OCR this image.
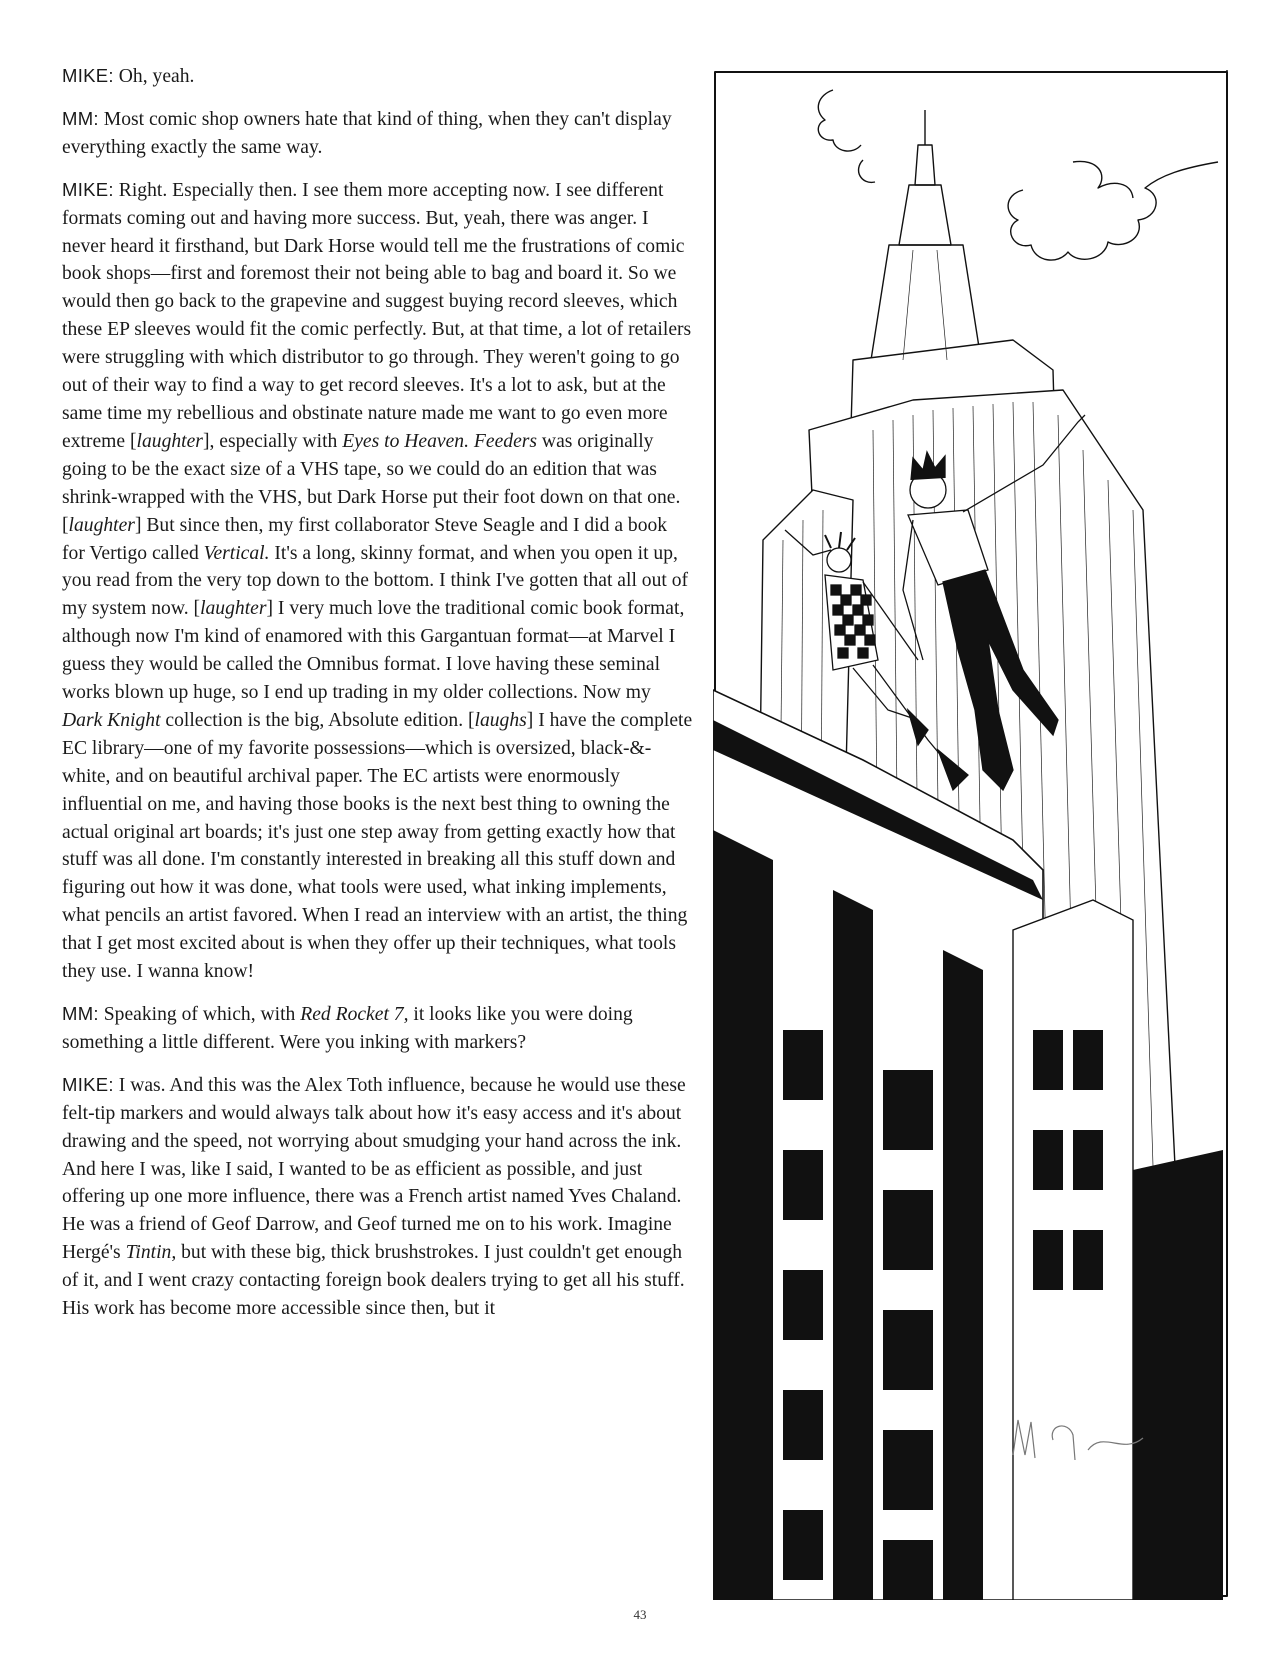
MIKE: Oh, yeah.

MM: Most comic shop owners hate that kind of thing, when they can't display everything exactly the same way.

MIKE: Right. Especially then. I see them more accepting now. I see different formats coming out and having more success. But, yeah, there was anger. I never heard it firsthand, but Dark Horse would tell me the frustrations of comic book shops—first and foremost their not being able to bag and board it. So we would then go back to the grapevine and suggest buying record sleeves, which these EP sleeves would fit the comic perfectly. But, at that time, a lot of retailers were struggling with which distributor to go through. They weren't going to go out of their way to find a way to get record sleeves. It's a lot to ask, but at the same time my rebellious and obstinate nature made me want to go even more extreme [laughter], especially with Eyes to Heaven. Feeders was originally going to be the exact size of a VHS tape, so we could do an edition that was shrink-wrapped with the VHS, but Dark Horse put their foot down on that one. [laughter] But since then, my first collaborator Steve Seagle and I did a book for Vertigo called Vertical. It's a long, skinny format, and when you open it up, you read from the very top down to the bottom. I think I've gotten that all out of my system now. [laughter] I very much love the traditional comic book format, although now I'm kind of enamored with this Gargantuan format—at Marvel I guess they would be called the Omnibus format. I love having these seminal works blown up huge, so I end up trading in my older collections. Now my Dark Knight collection is the big, Absolute edition. [laughs] I have the complete EC library—one of my favorite possessions—which is oversized, black-&-white, and on beautiful archival paper. The EC artists were enormously influential on me, and having those books is the next best thing to owning the actual original art boards; it's just one step away from getting exactly how that stuff was all done. I'm constantly interested in breaking all this stuff down and figuring out how it was done, what tools were used, what inking implements, what pencils an artist favored. When I read an interview with an artist, the thing that I get most excited about is when they offer up their techniques, what tools they use. I wanna know!

MM: Speaking of which, with Red Rocket 7, it looks like you were doing something a little different. Were you inking with markers?

MIKE: I was. And this was the Alex Toth influence, because he would use these felt-tip markers and would always talk about how it's easy access and it's about drawing and the speed, not worrying about smudging your hand across the ink. And here I was, like I said, I wanted to be as efficient as possible, and just offering up one more influence, there was a French artist named Yves Chaland. He was a friend of Geof Darrow, and Geof turned me on to his work. Imagine Hergé's Tintin, but with these big, thick brushstrokes. I just couldn't get enough of it, and I went crazy contacting foreign book dealers trying to get all his stuff. His work has become more accessible since then, but it

43
